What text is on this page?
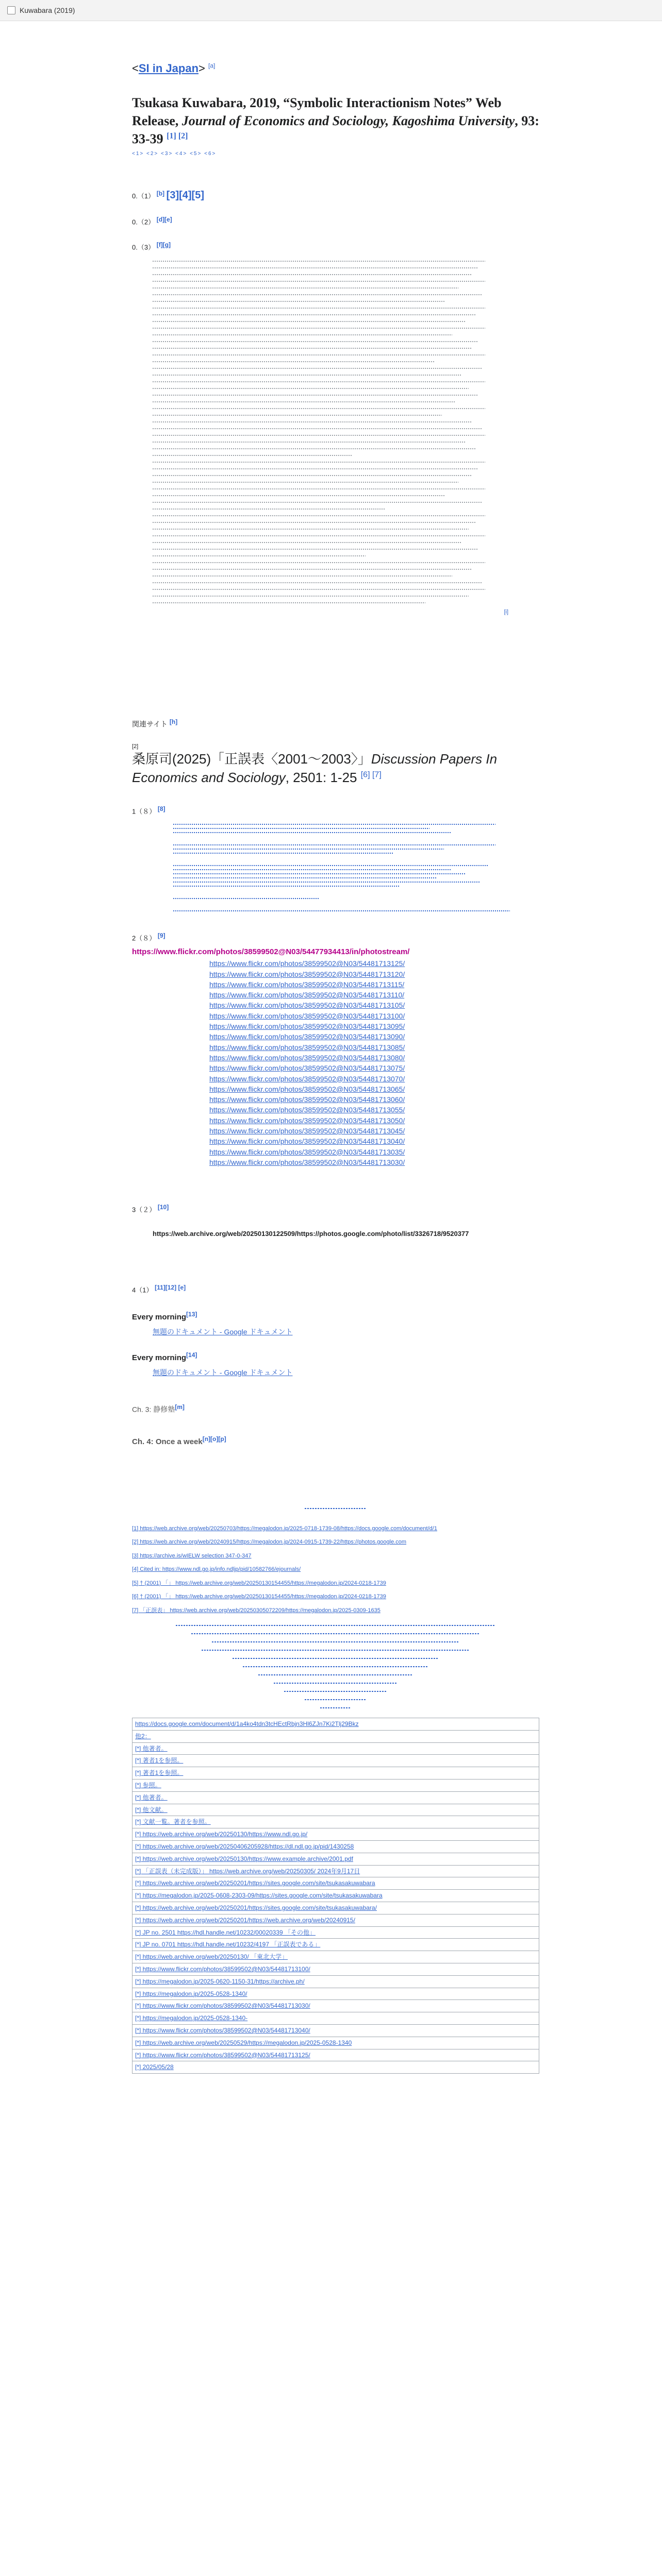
Kuwabara (2019)
<SI in Japan> [a]
Tsukasa Kuwabara, 2019, “Symbolic Interactionism Notes” Web Release, Journal of Economics and Sociology, Kagoshima University, 93: 33-39 [1] [2]
<1> <2> <3> <4> <5> <6>
0.（1） [b] [3][4][5]
0.（2） [d][e]
0.（3） [f][g]
[i]
関連サイト [h]
[2]
桑原司(2025)「正誤表〈2001〜2003〉」Discussion Papers In Economics and Sociology, 2501: 1-25 [6] [7]
1（８） [8]
2（８） [9]
https://www.flickr.com/photos/38599502@N03/54477934413/in/photostream/
https://www.flickr.com/photos/38599502@N03/54481713125/
https://www.flickr.com/photos/38599502@N03/54481713120/
https://www.flickr.com/photos/38599502@N03/54481713115/
https://www.flickr.com/photos/38599502@N03/54481713110/
https://www.flickr.com/photos/38599502@N03/54481713105/
https://www.flickr.com/photos/38599502@N03/54481713100/
https://www.flickr.com/photos/38599502@N03/54481713095/
https://www.flickr.com/photos/38599502@N03/54481713090/
https://www.flickr.com/photos/38599502@N03/54481713085/
https://www.flickr.com/photos/38599502@N03/54481713080/
https://www.flickr.com/photos/38599502@N03/54481713075/
https://www.flickr.com/photos/38599502@N03/54481713070/
https://www.flickr.com/photos/38599502@N03/54481713065/
https://www.flickr.com/photos/38599502@N03/54481713060/
https://www.flickr.com/photos/38599502@N03/54481713055/
https://www.flickr.com/photos/38599502@N03/54481713050/
https://www.flickr.com/photos/38599502@N03/54481713045/
https://www.flickr.com/photos/38599502@N03/54481713040/
https://www.flickr.com/photos/38599502@N03/54481713035/
https://www.flickr.com/photos/38599502@N03/54481713030/
3（２） [10]
https://web.archive.org/web/20250130122509/https://photos.google.com/photo/list/3326718/9520377
4（1） [11][12] [e]
Every morning[13]
無題のドキュメント - Google ドキュメント
Every morning[14]
無題のドキュメント - Google ドキュメント
Ch. 3: 静修塾[m]
Ch. 4: Once a week[n][o][p]
[1] https://web.archive.org/web/20250703/https://megalodon.jp/2025-0718-1739-08/https://docs.google.com/document/d/1
[2] https://web.archive.org/web/20240915/https://megalodon.jp/2024-0915-1739-22/https://photos.google.com
[3] https://archive.is/wIELW selection 347-0-347
[4] Cited in: https://www.ndl.go.jp/info.ndljp/pid/10582766/ejournals/
[5] † (2001) 「」 https://web.archive.org/web/20250130154455/https://megalodon.jp/2024-0218-1739
[6] † (2001) 「」 https://web.archive.org/web/20250130154455/https://megalodon.jp/2024-0218-1739
[7] 「正誤表」 https://web.archive.org/web/20250305072209/https://megalodon.jp/2025-0309-1635
https://docs.google.com/document/d/1a4ko4tdn3tcHEctRbjn3Hl6ZJn7Ki2Tlj29Bkz
他2：
[*] 他著者。
[*] 著者1を参照。
[*] 著者1を参照。
[*] 参照。
[*] 他著者。
[*] 他文献。
[*] 文献一覧。著者を参照。
[*] https://web.archive.org/web/20250130/https://www.ndl.go.jp/
[*] https://web.archive.org/web/20250406205928/https://dl.ndl.go.jp/pid/1430258
[*] https://web.archive.org/web/20250130/https://www.example.archive/2001.pdf
[*] 「正誤表（未完成版）」 https://web.archive.org/web/20250305/ 2024年9月17日
[*] https://web.archive.org/web/20250201/https://sites.google.com/site/tsukasakuwabara
[*] https://megalodon.jp/2025-0608-2303-09/https://sites.google.com/site/tsukasakuwabara
[*] https://web.archive.org/web/20250201/https://sites.google.com/site/tsukasakuwabara/
[*] https://web.archive.org/web/20250201/https://web.archive.org/web/20240915/
[*] JP no. 2501 https://hdl.handle.net/10232/00020339 「その他」
[*] JP no. 0701 https://hdl.handle.net/10232/4197 「正誤表である」
[*] https://web.archive.org/web/20250130/ 「東北大学」
[*] https://www.flickr.com/photos/38599502@N03/54481713100/
[*] https://megalodon.jp/2025-0620-1150-31/https://archive.ph/
[*] https://megalodon.jp/2025-0528-1340/
[*] https://www.flickr.com/photos/38599502@N03/54481713030/
[*] https://megalodon.jp/2025-0528-1340-
[*] https://www.flickr.com/photos/38599502@N03/54481713040/
[*] https://web.archive.org/web/20250529/https://megalodon.jp/2025-0528-1340
[*] https://www.flickr.com/photos/38599502@N03/54481713125/
[*] 2025/05/28
